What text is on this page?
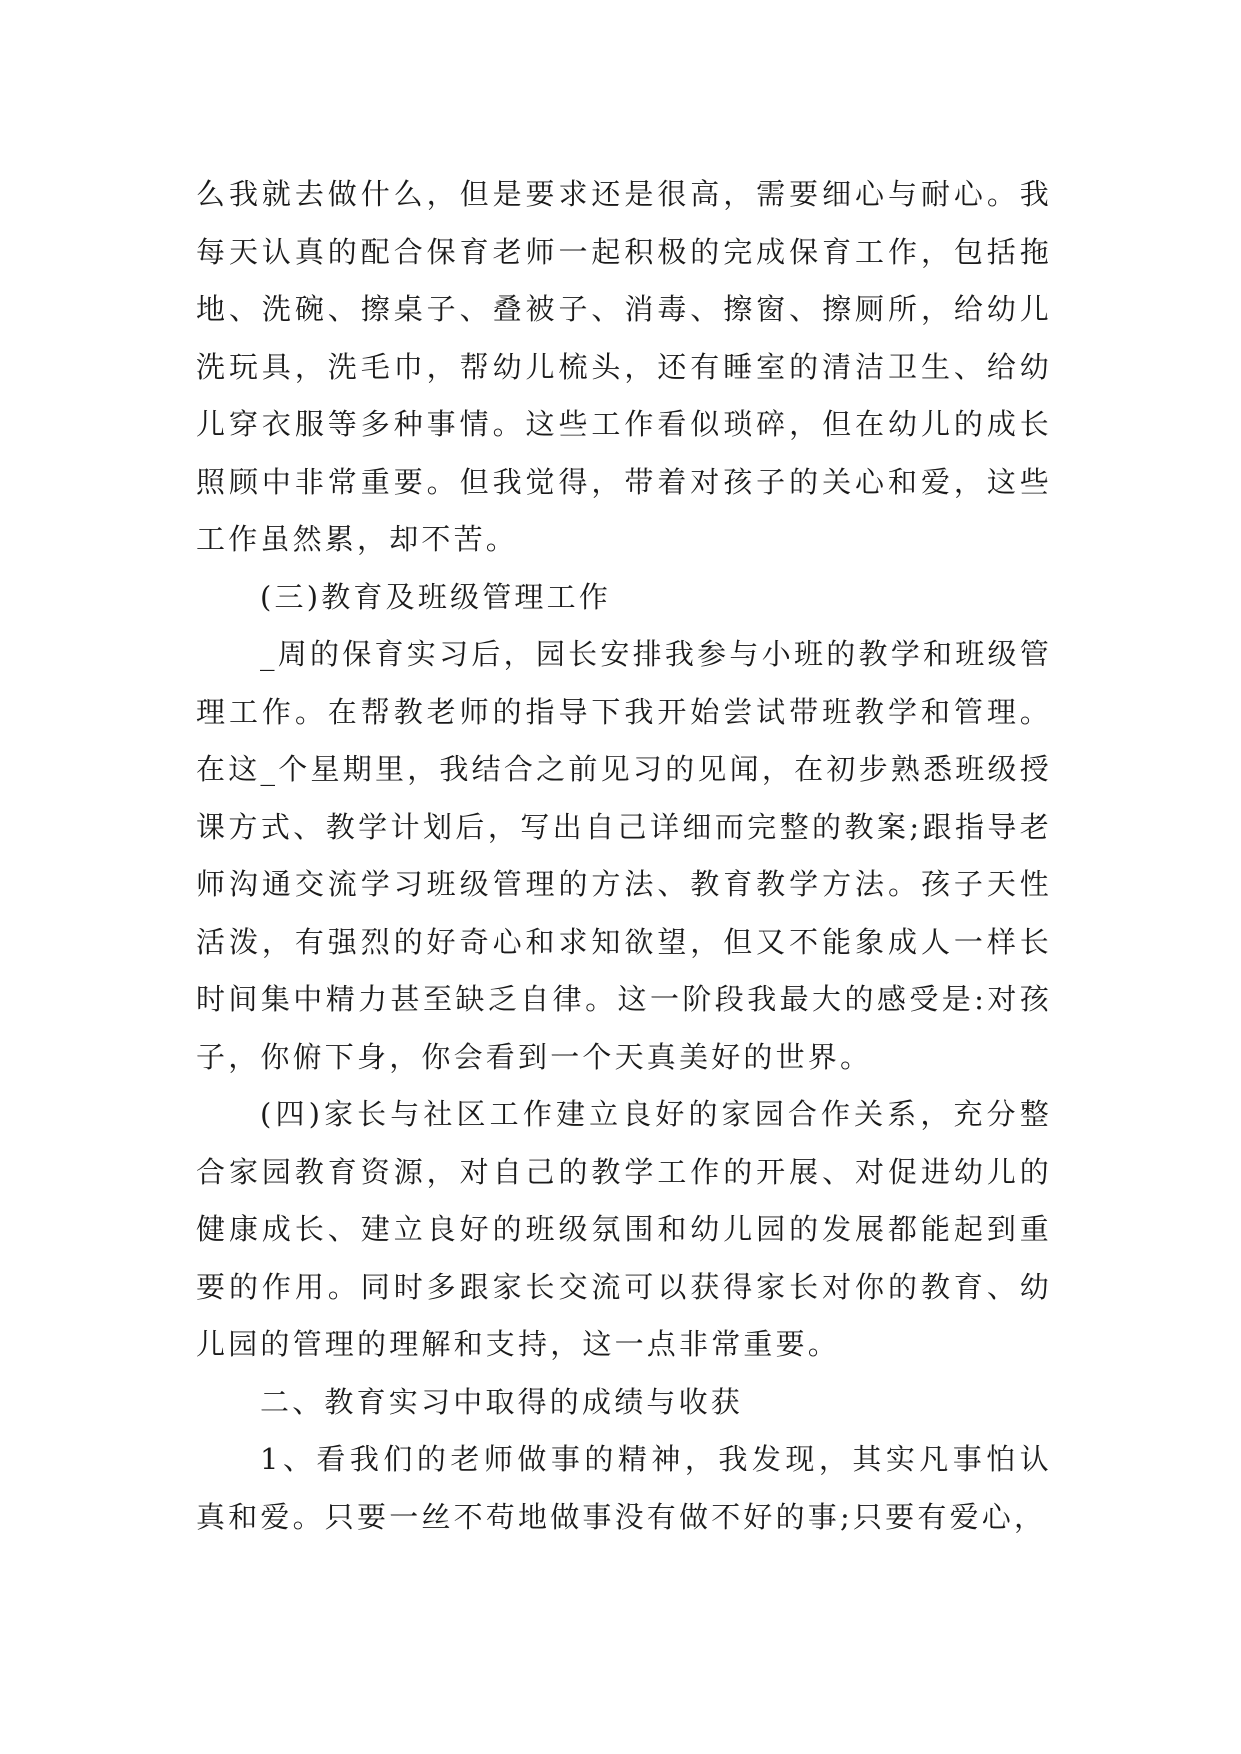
么我就去做什么，但是要求还是很高，需要细心与耐心。我每天认真的配合保育老师一起积极的完成保育工作，包括拖地、洗碗、擦桌子、叠被子、消毒、擦窗、擦厕所，给幼儿洗玩具，洗毛巾，帮幼儿梳头，还有睡室的清洁卫生、给幼儿穿衣服等多种事情。这些工作看似琐碎，但在幼儿的成长照顾中非常重要。但我觉得，带着对孩子的关心和爱，这些工作虽然累，却不苦。

(三)教育及班级管理工作

_周的保育实习后，园长安排我参与小班的教学和班级管理工作。在帮教老师的指导下我开始尝试带班教学和管理。在这_个星期里，我结合之前见习的见闻，在初步熟悉班级授课方式、教学计划后，写出自己详细而完整的教案;跟指导老师沟通交流学习班级管理的方法、教育教学方法。孩子天性活泼，有强烈的好奇心和求知欲望，但又不能象成人一样长时间集中精力甚至缺乏自律。这一阶段我最大的感受是:对孩子，你俯下身，你会看到一个天真美好的世界。

(四)家长与社区工作建立良好的家园合作关系，充分整合家园教育资源，对自己的教学工作的开展、对促进幼儿的健康成长、建立良好的班级氛围和幼儿园的发展都能起到重要的作用。同时多跟家长交流可以获得家长对你的教育、幼儿园的管理的理解和支持，这一点非常重要。

二、教育实习中取得的成绩与收获

1、看我们的老师做事的精神，我发现，其实凡事怕认真和爱。只要一丝不苟地做事没有做不好的事;只要有爱心，
